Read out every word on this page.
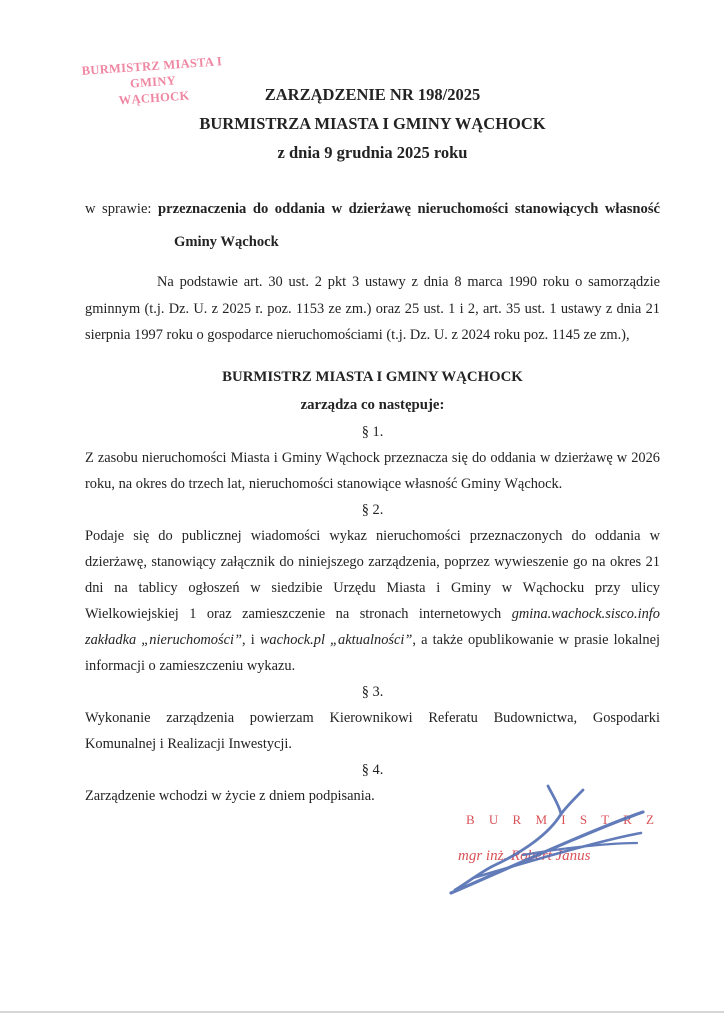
BURMISTRZ MIASTA I GMINY
WĄCHOCK	ZARZĄDZENIE NR 198/2025
BURMISTRZA MIASTA I GMINY WĄCHOCK
z dnia 9 grudnia 2025 roku
w sprawie: przeznaczenia do oddania w dzierżawę nieruchomości stanowiących własność
Gminy Wąchock

Na podstawie art. 30 ust. 2 pkt 3 ustawy z dnia 8 marca 1990 roku o samorządzie gminnym (t.j. Dz. U. z 2025 r. poz. 1153 ze zm.) oraz 25 ust. 1 i 2, art. 35 ust. 1 ustawy z dnia 21 sierpnia 1997 roku o gospodarce nieruchomościami (t.j. Dz. U. z 2024 roku poz. 1145 ze zm.),

BURMISTRZ MIASTA I GMINY WĄCHOCK
zarządza co następuje:
§ 1.
Z zasobu nieruchomości Miasta i Gminy Wąchock przeznacza się do oddania w dzierżawę w 2026 roku, na okres do trzech lat, nieruchomości stanowiące własność Gminy Wąchock.
§ 2.
Podaje się do publicznej wiadomości wykaz nieruchomości przeznaczonych do oddania w dzierżawę, stanowiący załącznik do niniejszego zarządzenia, poprzez wywieszenie go na okres 21 dni na tablicy ogłoszeń w siedzibie Urzędu Miasta i Gminy w Wąchocku przy ulicy Wielkowiejskiej 1 oraz zamieszczenie na stronach internetowych gmina.wachock.sisco.info zakładka „nieruchomości”, i wachock.pl „aktualności”, a także opublikowanie w prasie lokalnej informacji o zamieszczeniu wykazu.
§ 3.
Wykonanie zarządzenia powierzam Kierownikowi Referatu Budownictwa, Gospodarki Komunalnej i Realizacji Inwestycji.
§ 4.
Zarządzenie wchodzi w życie z dniem podpisania.
B U R M I S T R Z
mgr inż. Robert Janus
